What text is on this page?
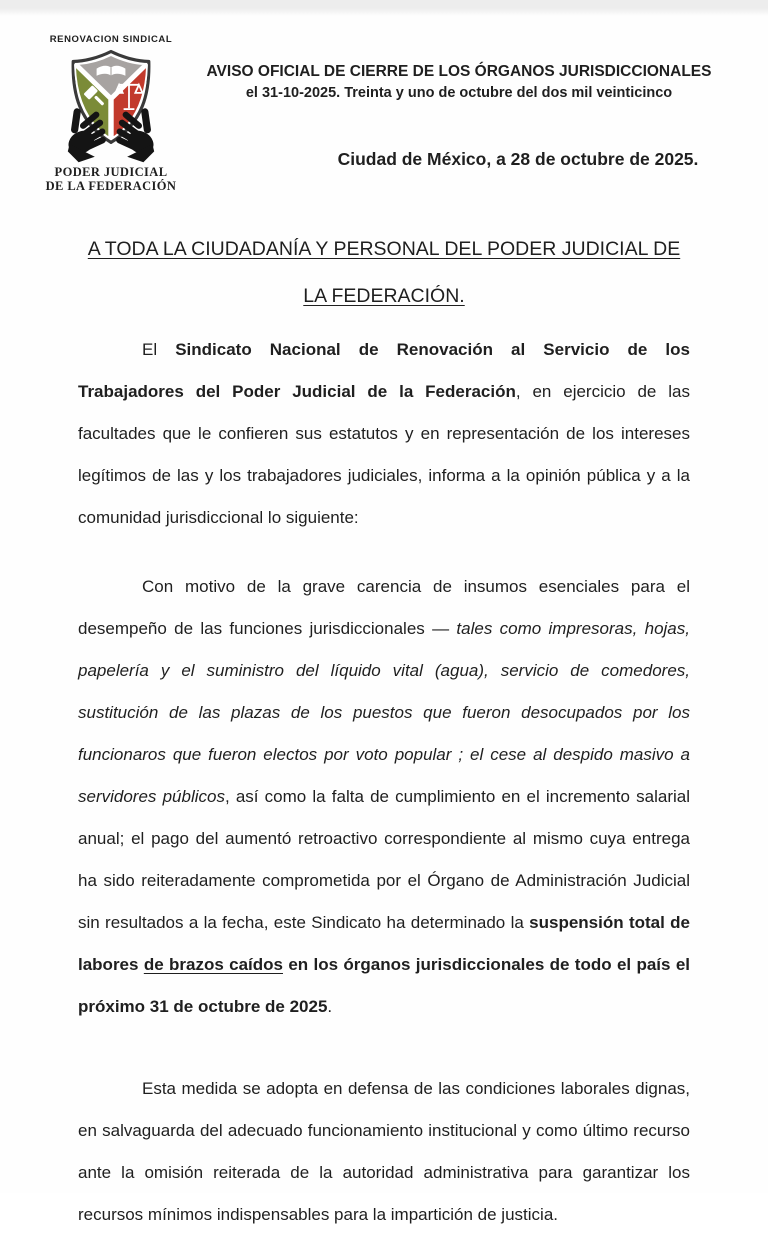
RENOVACION SINDICAL
PODER JUDICIAL
DE LA FEDERACIÓN
AVISO OFICIAL DE CIERRE DE LOS ÓRGANOS JURISDICCIONALES
el 31-10-2025. Treinta y uno de octubre del dos mil veinticinco
Ciudad de México, a 28 de octubre de 2025.
A TODA LA CIUDADANÍA Y PERSONAL DEL PODER JUDICIAL DE
LA FEDERACIÓN.

El Sindicato Nacional de Renovación al Servicio de los Trabajadores del Poder Judicial de la Federación, en ejercicio de las facultades que le confieren sus estatutos y en representación de los intereses legítimos de las y los trabajadores judiciales, informa a la opinión pública y a la comunidad jurisdiccional lo siguiente:

Con motivo de la grave carencia de insumos esenciales para el desempeño de las funciones jurisdiccionales — tales como impresoras, hojas, papelería y el suministro del líquido vital (agua), servicio de comedores, sustitución de las plazas de los puestos que fueron desocupados por los funcionaros que fueron electos por voto popular ; el cese al despido masivo a servidores públicos, así como la falta de cumplimiento en el incremento salarial anual; el pago del aumentó retroactivo correspondiente al mismo cuya entrega ha sido reiteradamente comprometida por el Órgano de Administración Judicial sin resultados a la fecha, este Sindicato ha determinado la suspensión total de labores de brazos caídos en los órganos jurisdiccionales de todo el país el próximo 31 de octubre de 2025.

Esta medida se adopta en defensa de las condiciones laborales dignas, en salvaguarda del adecuado funcionamiento institucional y como último recurso ante la omisión reiterada de la autoridad administrativa para garantizar los recursos mínimos indispensables para la impartición de justicia.
